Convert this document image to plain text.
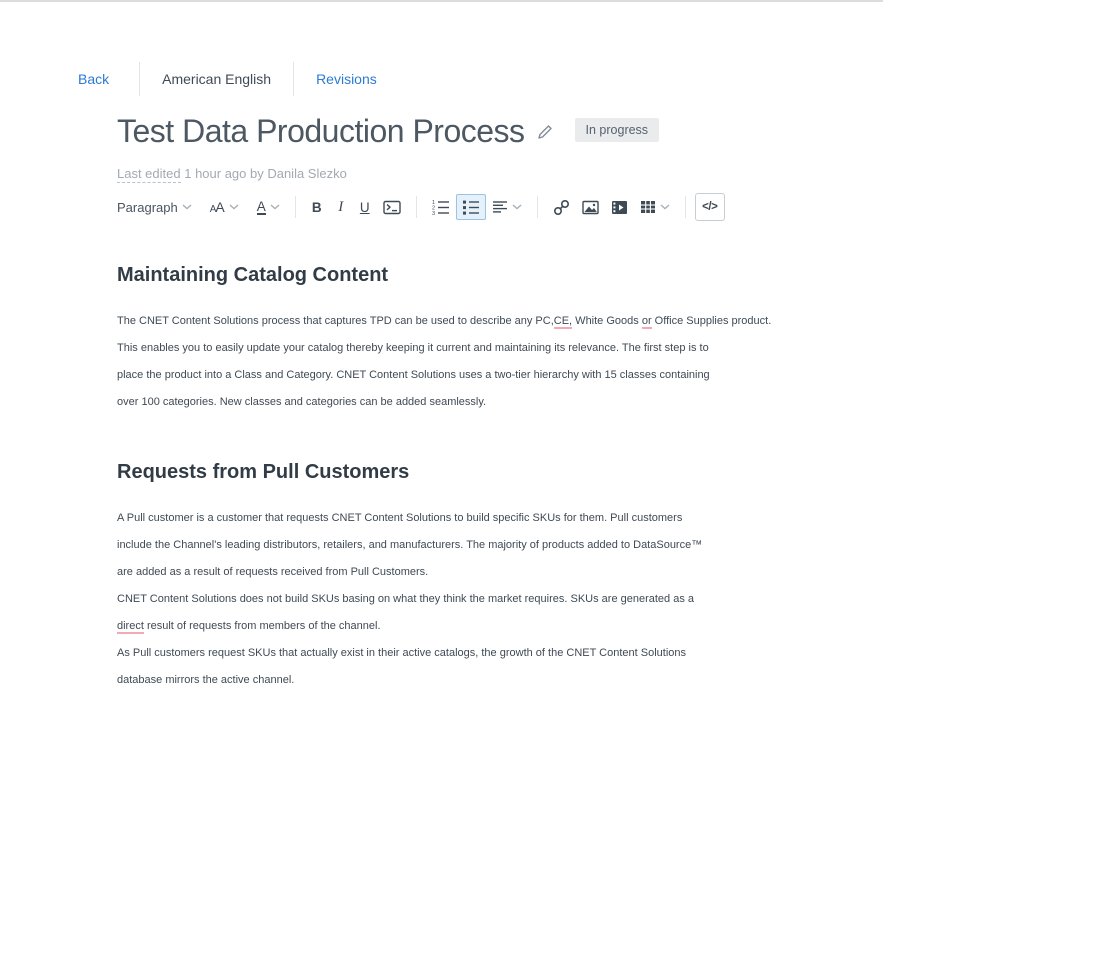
Back	American English	Revisions
Test Data Production Process	In progress
Last edited 1 hour ago by Danila Slezko
Paragraph	AA A	B	I	U	1
2
3
</>
Maintaining Catalog Content

The CNET Content Solutions process that captures TPD can be used to describe any PC,CE, White Goods or Office Supplies product.

This enables you to easily update your catalog thereby keeping it current and maintaining its relevance. The first step is to

place the product into a Class and Category. CNET Content Solutions uses a two-tier hierarchy with 15 classes containing

over 100 categories. New classes and categories can be added seamlessly.

Requests from Pull Customers

A Pull customer is a customer that requests CNET Content Solutions to build specific SKUs for them. Pull customers

include the Channel's leading distributors, retailers, and manufacturers. The majority of products added to DataSource™

are added as a result of requests received from Pull Customers.

CNET Content Solutions does not build SKUs basing on what they think the market requires. SKUs are generated as a

direct result of requests from members of the channel.

As Pull customers request SKUs that actually exist in their active catalogs, the growth of the CNET Content Solutions

database mirrors the active channel.
